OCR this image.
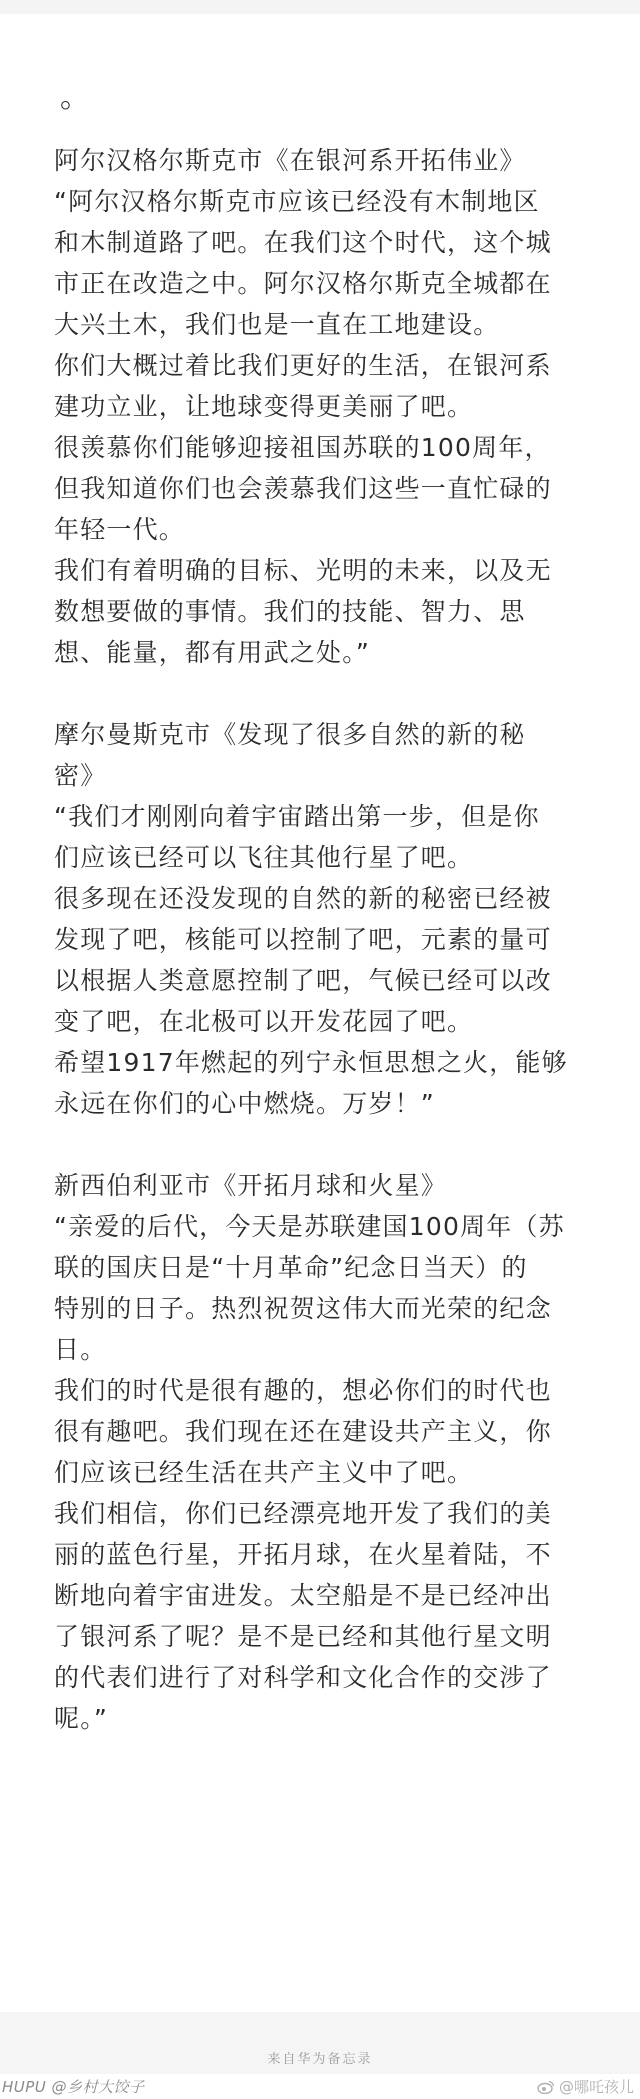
。
阿尔汉格尔斯克市《在银河系开拓伟业》
“阿尔汉格尔斯克市应该已经没有木制地区
和木制道路了吧。在我们这个时代，这个城
市正在改造之中。阿尔汉格尔斯克全城都在
大兴土木，我们也是一直在工地建设。
你们大概过着比我们更好的生活，在银河系
建功立业，让地球变得更美丽了吧。
很羡慕你们能够迎接祖国苏联的100周年，
但我知道你们也会羡慕我们这些一直忙碌的
年轻一代。
我们有着明确的目标、光明的未来，以及无
数想要做的事情。我们的技能、智力、思
想、能量，都有用武之处。”
摩尔曼斯克市《发现了很多自然的新的秘
密》
“我们才刚刚向着宇宙踏出第一步，但是你
们应该已经可以飞往其他行星了吧。
很多现在还没发现的自然的新的秘密已经被
发现了吧，核能可以控制了吧，元素的量可
以根据人类意愿控制了吧，气候已经可以改
变了吧，在北极可以开发花园了吧。
希望1917年燃起的列宁永恒思想之火，能够
永远在你们的心中燃烧。万岁！”
新西伯利亚市《开拓月球和火星》
“亲爱的后代，今天是苏联建国100周年（苏
联的国庆日是“十月革命”纪念日当天）的
特别的日子。热烈祝贺这伟大而光荣的纪念
日。
我们的时代是很有趣的，想必你们的时代也
很有趣吧。我们现在还在建设共产主义，你
们应该已经生活在共产主义中了吧。
我们相信，你们已经漂亮地开发了我们的美
丽的蓝色行星，开拓月球，在火星着陆，不
断地向着宇宙进发。太空船是不是已经冲出
了银河系了呢？是不是已经和其他行星文明
的代表们进行了对科学和文化合作的交涉了
呢。”
来自华为备忘录
HUPU @乡村大饺子	@哪吒孩儿
